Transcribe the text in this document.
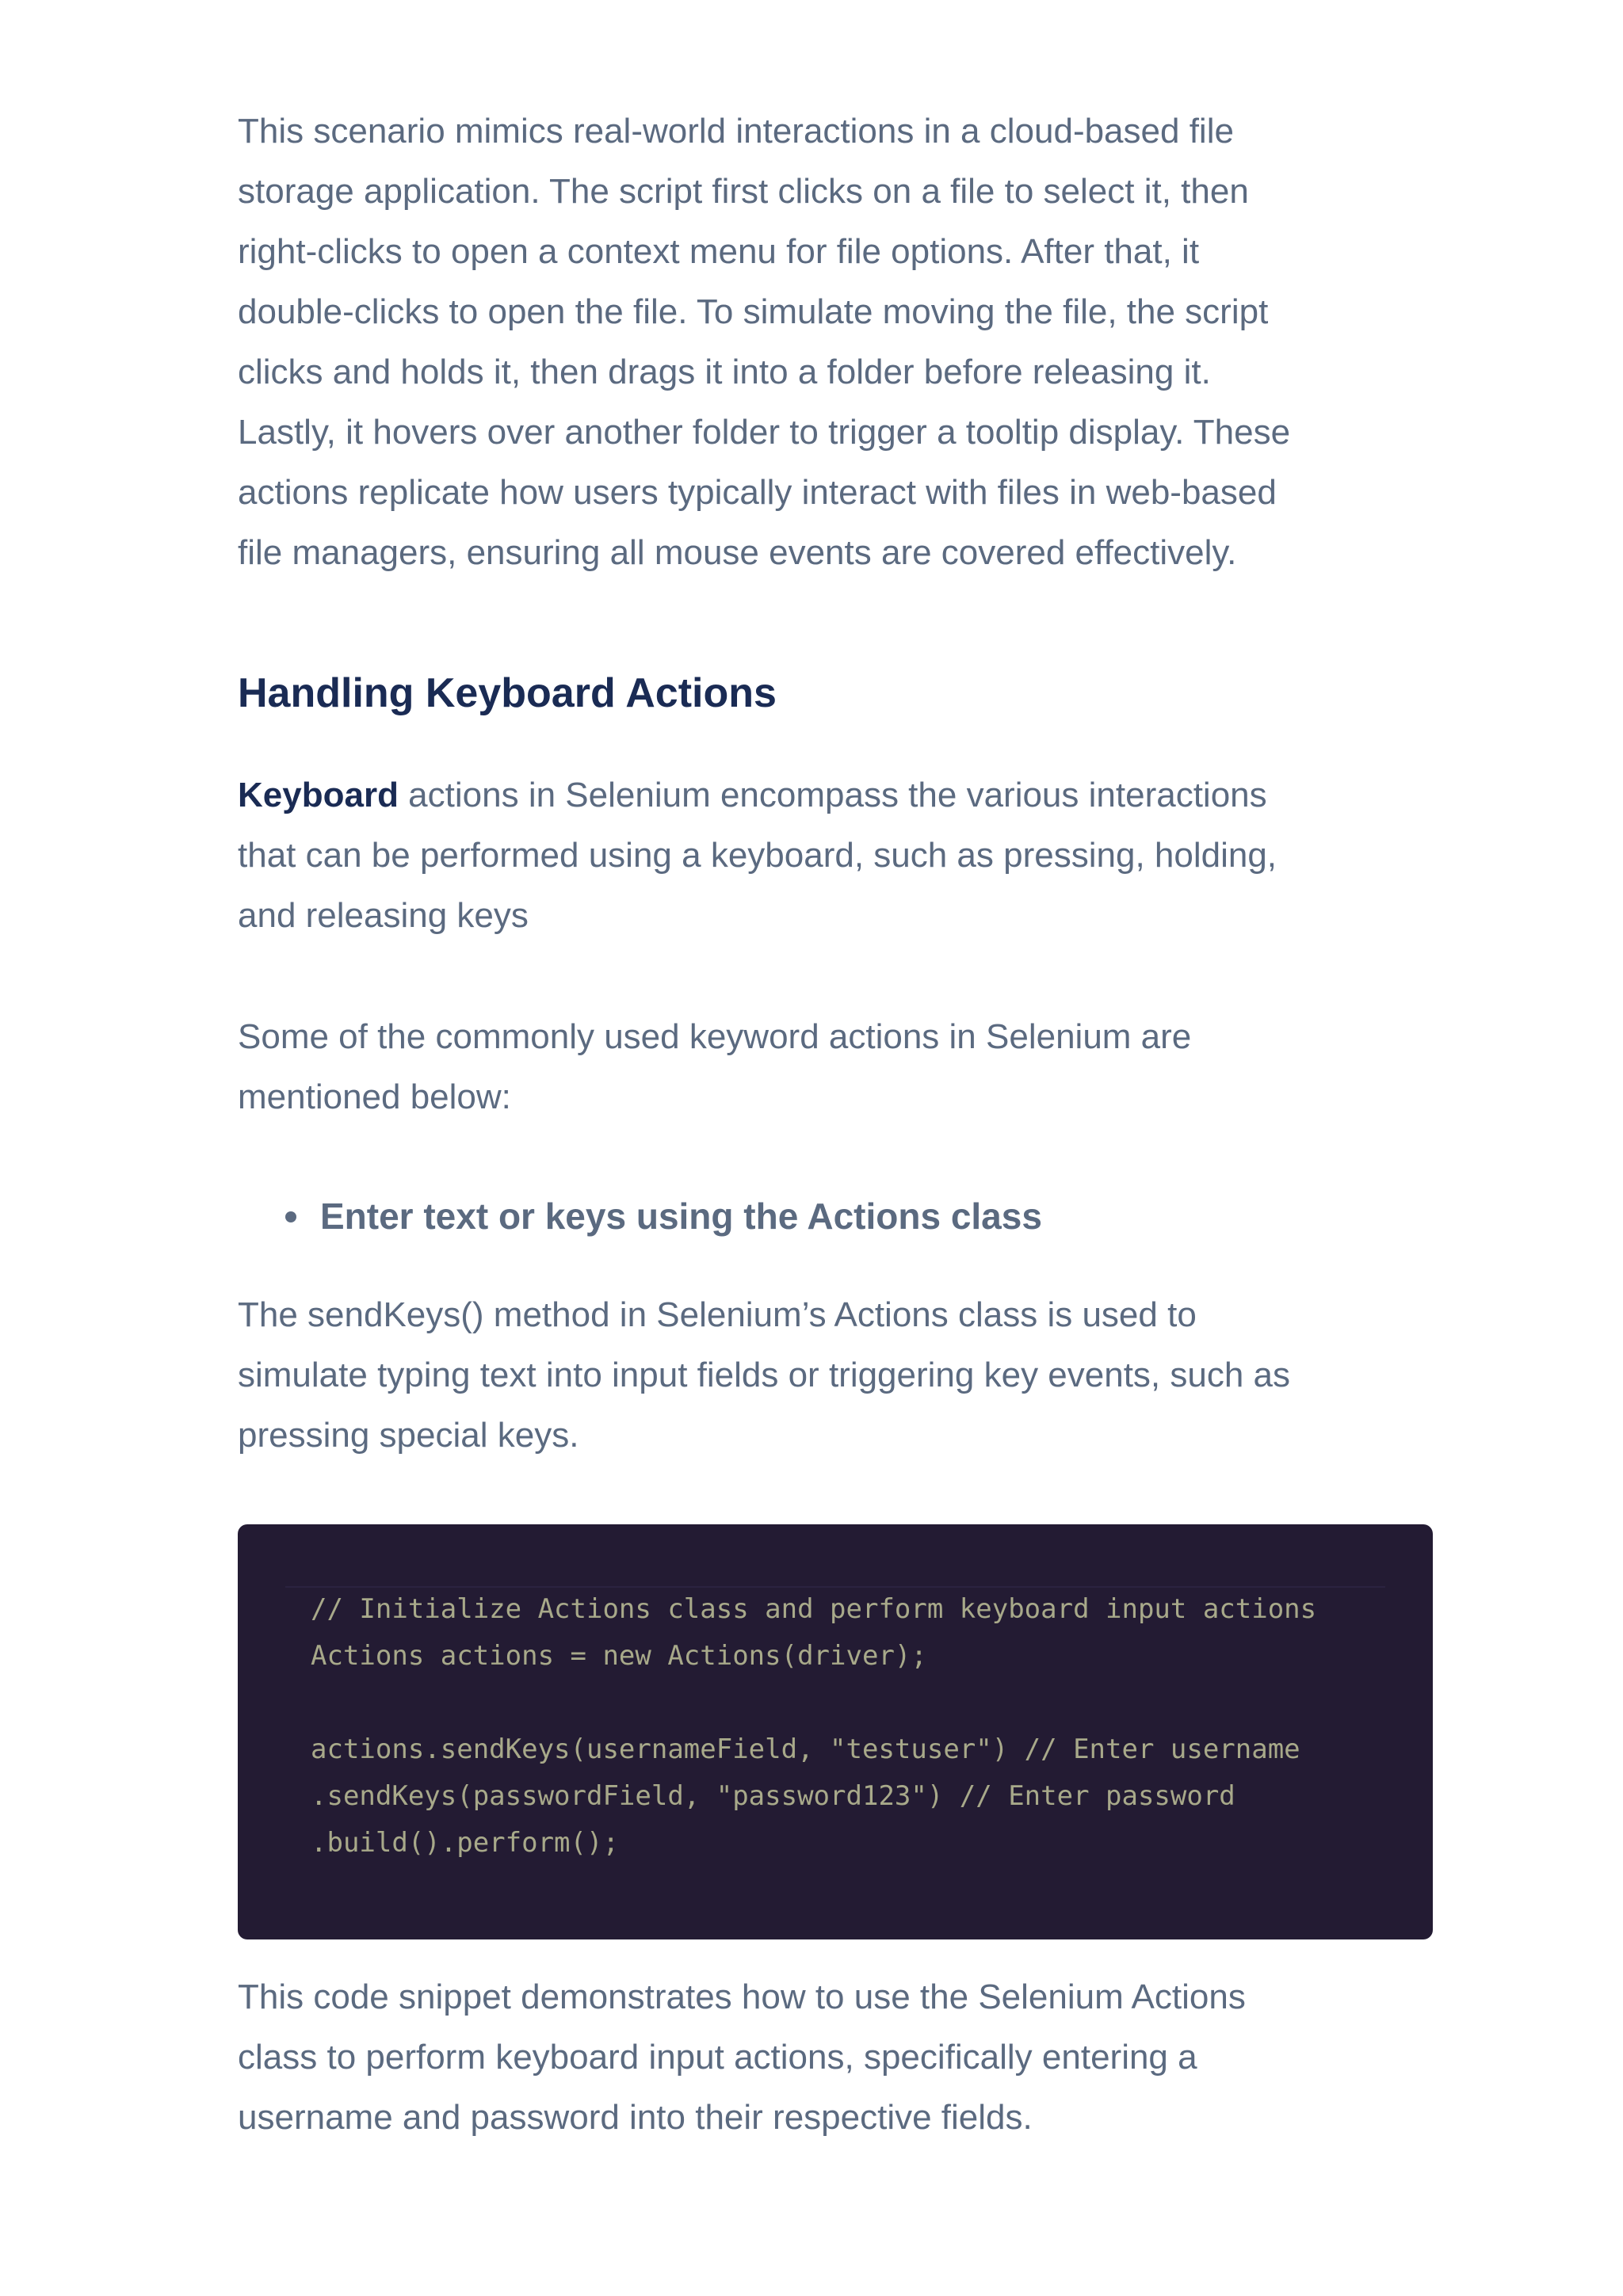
This scenario mimics real-world interactions in a cloud-based file
storage application. The script first clicks on a file to select it, then
right-clicks to open a context menu for file options. After that, it
double-clicks to open the file. To simulate moving the file, the script
clicks and holds it, then drags it into a folder before releasing it.
Lastly, it hovers over another folder to trigger a tooltip display. These
actions replicate how users typically interact with files in web-based
file managers, ensuring all mouse events are covered effectively.

Handling Keyboard Actions

Keyboard actions in Selenium encompass the various interactions
that can be performed using a keyboard, such as pressing, holding,
and releasing keys

Some of the commonly used keyword actions in Selenium are
mentioned below:

Enter text or keys using the Actions class

The sendKeys() method in Selenium’s Actions class is used to
simulate typing text into input fields or triggering key events, such as
pressing special keys.

// Initialize Actions class and perform keyboard input actions
Actions actions = new Actions(driver);
actions.sendKeys(usernameField, "testuser") // Enter username
.sendKeys(passwordField, "password123") // Enter password
.build().perform();

This code snippet demonstrates how to use the Selenium Actions
class to perform keyboard input actions, specifically entering a
username and password into their respective fields.
